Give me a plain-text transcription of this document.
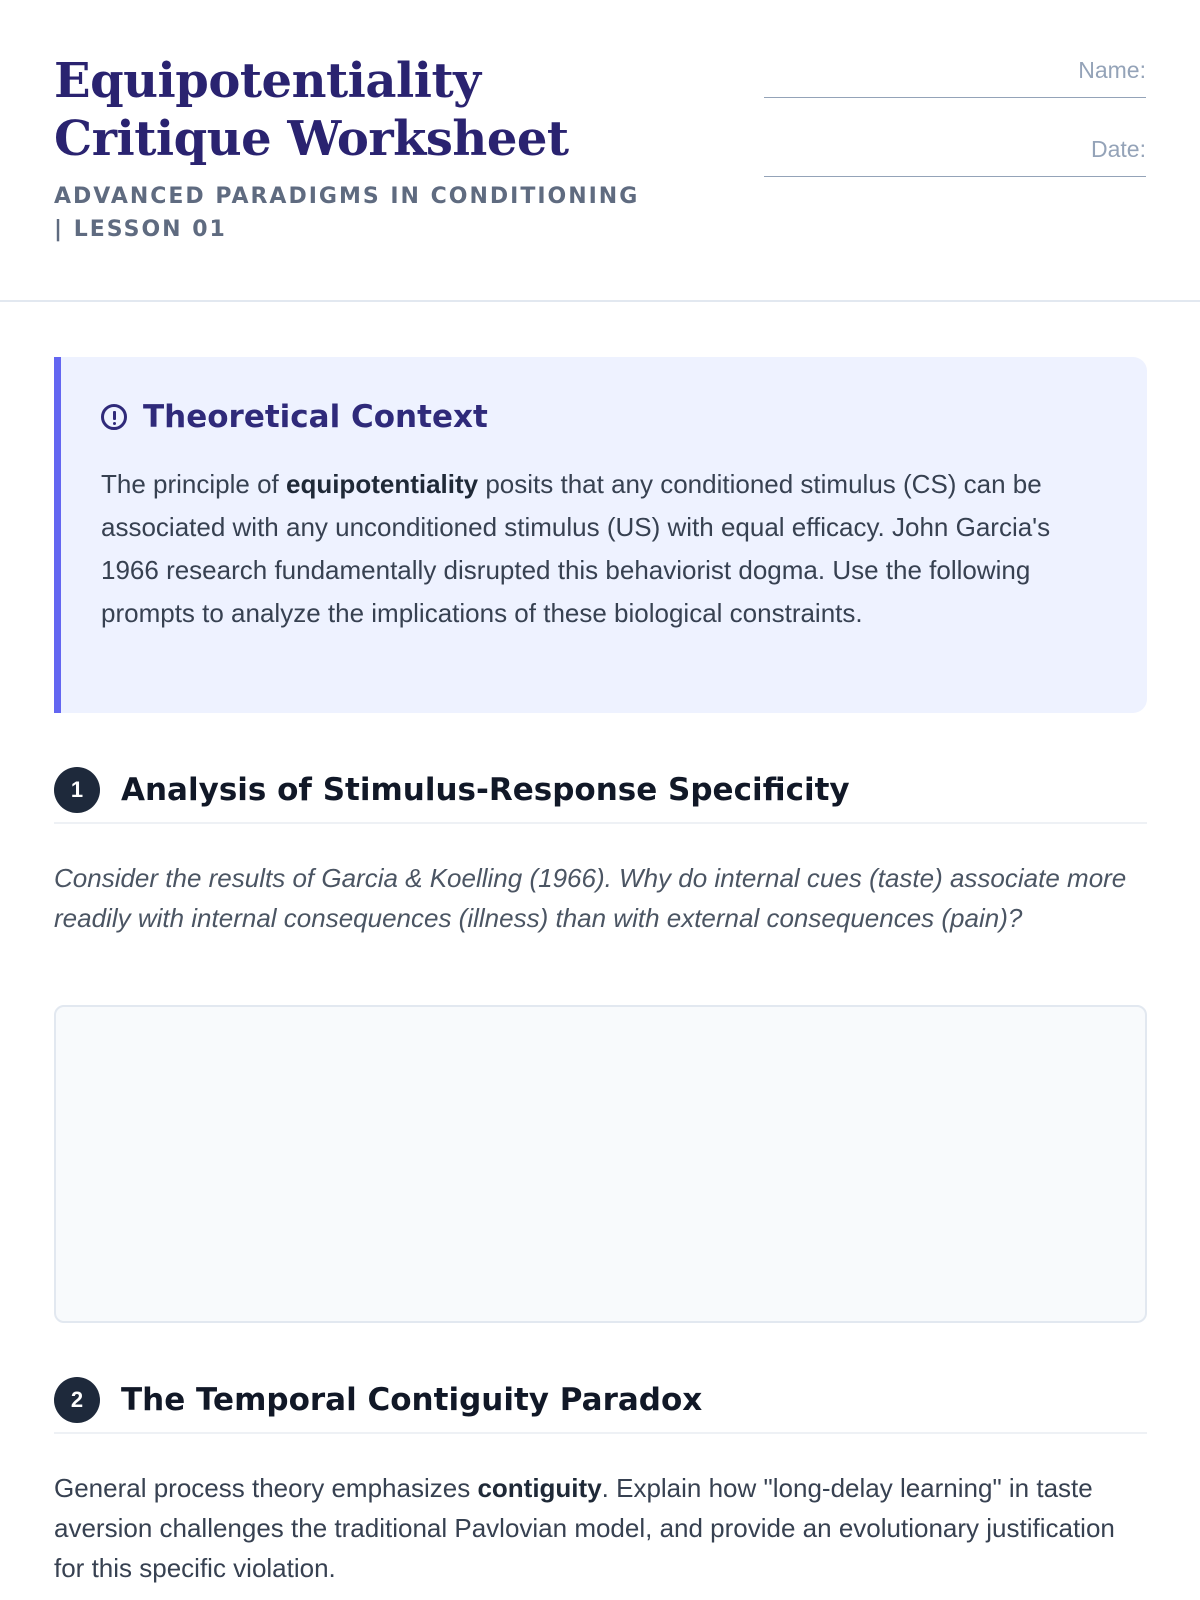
Equipotentiality Critique Worksheet
ADVANCED PARADIGMS IN CONDITIONING | LESSON 01
Name:
Date:
Theoretical Context

The principle of equipotentiality posits that any conditioned stimulus (CS) can be associated with any unconditioned stimulus (US) with equal efficacy. John Garcia's 1966 research fundamentally disrupted this behaviorist dogma. Use the following prompts to analyze the implications of these biological constraints.

1	Analysis of Stimulus-Response Specificity

Consider the results of Garcia & Koelling (1966). Why do internal cues (taste) associate more readily with internal consequences (illness) than with external consequences (pain)?

2	The Temporal Contiguity Paradox

General process theory emphasizes contiguity. Explain how "long-delay learning" in taste aversion challenges the traditional Pavlovian model, and provide an evolutionary justification for this specific violation.
